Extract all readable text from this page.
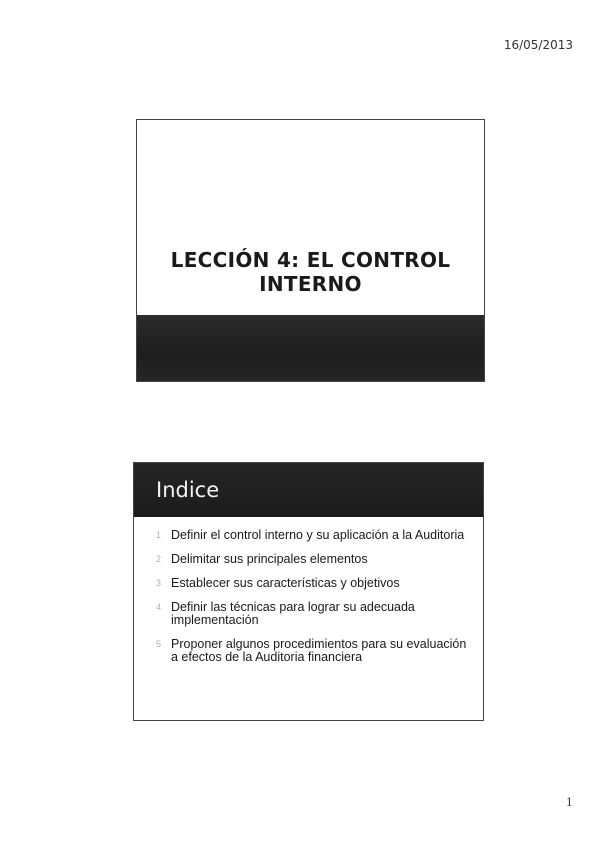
16/05/2013
LECCIÓN 4: EL CONTROL INTERNO
Indice
1 Definir el control interno y su aplicación a la Auditoria
2 Delimitar sus principales elementos
3 Establecer sus características y objetivos
4 Definir las técnicas para lograr su adecuada implementación
5 Proponer algunos procedimientos para su evaluación a efectos de la Auditoria financiera
1
